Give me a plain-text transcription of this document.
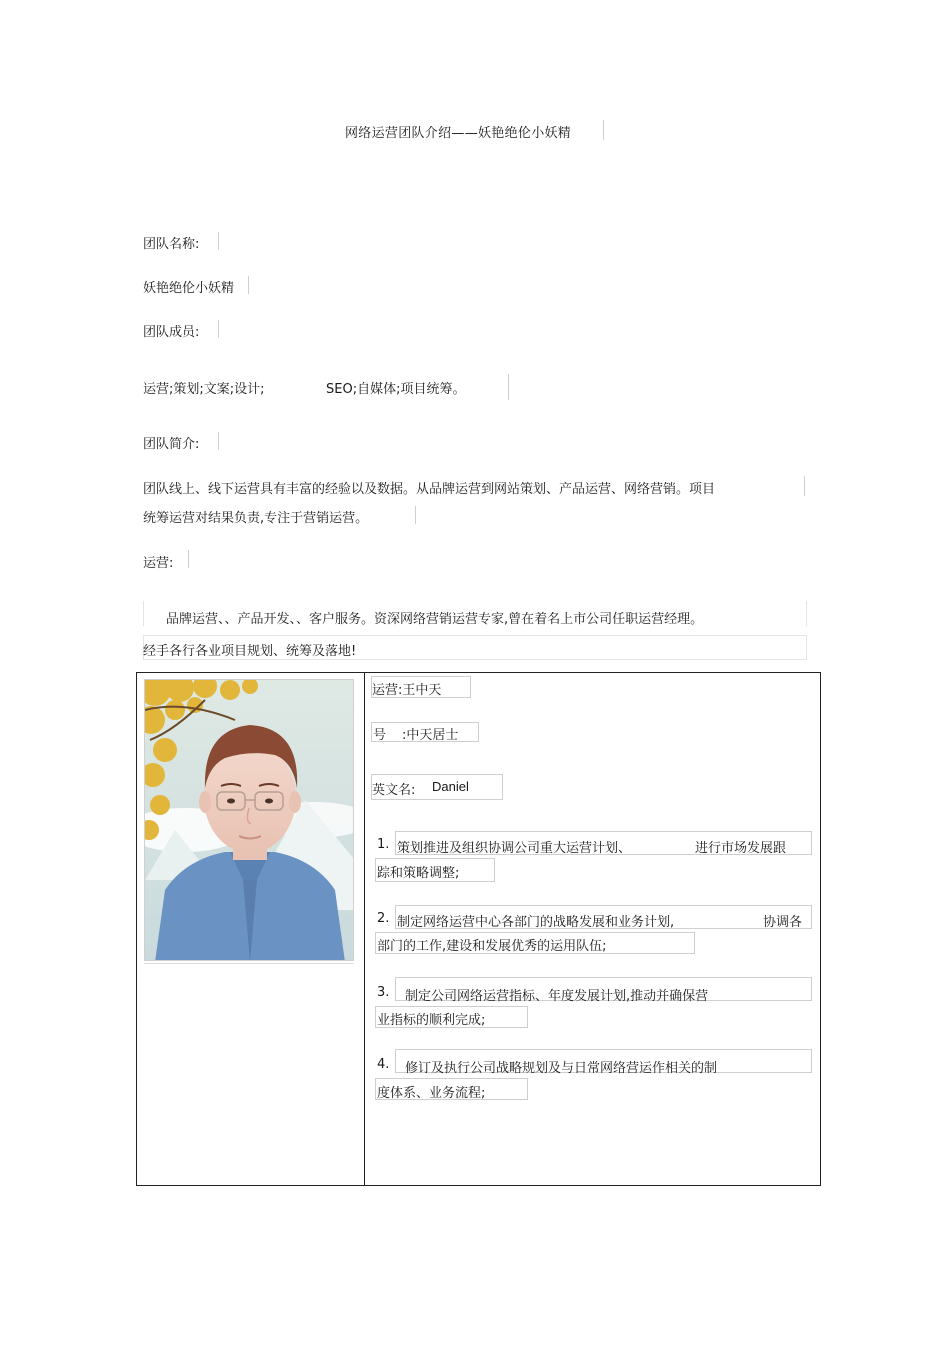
网络运营团队介绍——妖艳绝伦小妖精
团队名称:
妖艳绝伦小妖精
团队成员:
运营;策划;文案;设计;	SEO;自媒体;项目统筹。
团队简介:
团队线上、线下运营具有丰富的经验以及数据。从品牌运营到网站策划、产品运营、网络营销。项目
统筹运营对结果负责,专注于营销运营。
运营:
品牌运营、、产品开发、、客户服务。资深网络营销运营专家,曾在着名上市公司任职运营经理。
经手各行各业项目规划、统筹及落地!
运营:王中天
号 :中天居士
英文名: Daniel
1. 策划推进及组织协调公司重大运营计划、	进行市场发展跟
踪和策略调整;
2. 制定网络运营中心各部门的战略发展和业务计划,	协调各
部门的工作,建设和发展优秀的运用队伍;
3. 制定公司网络运营指标、年度发展计划,推动并确保营
业指标的顺利完成;
4. 修订及执行公司战略规划及与日常网络营运作相关的制
度体系、业务流程;
